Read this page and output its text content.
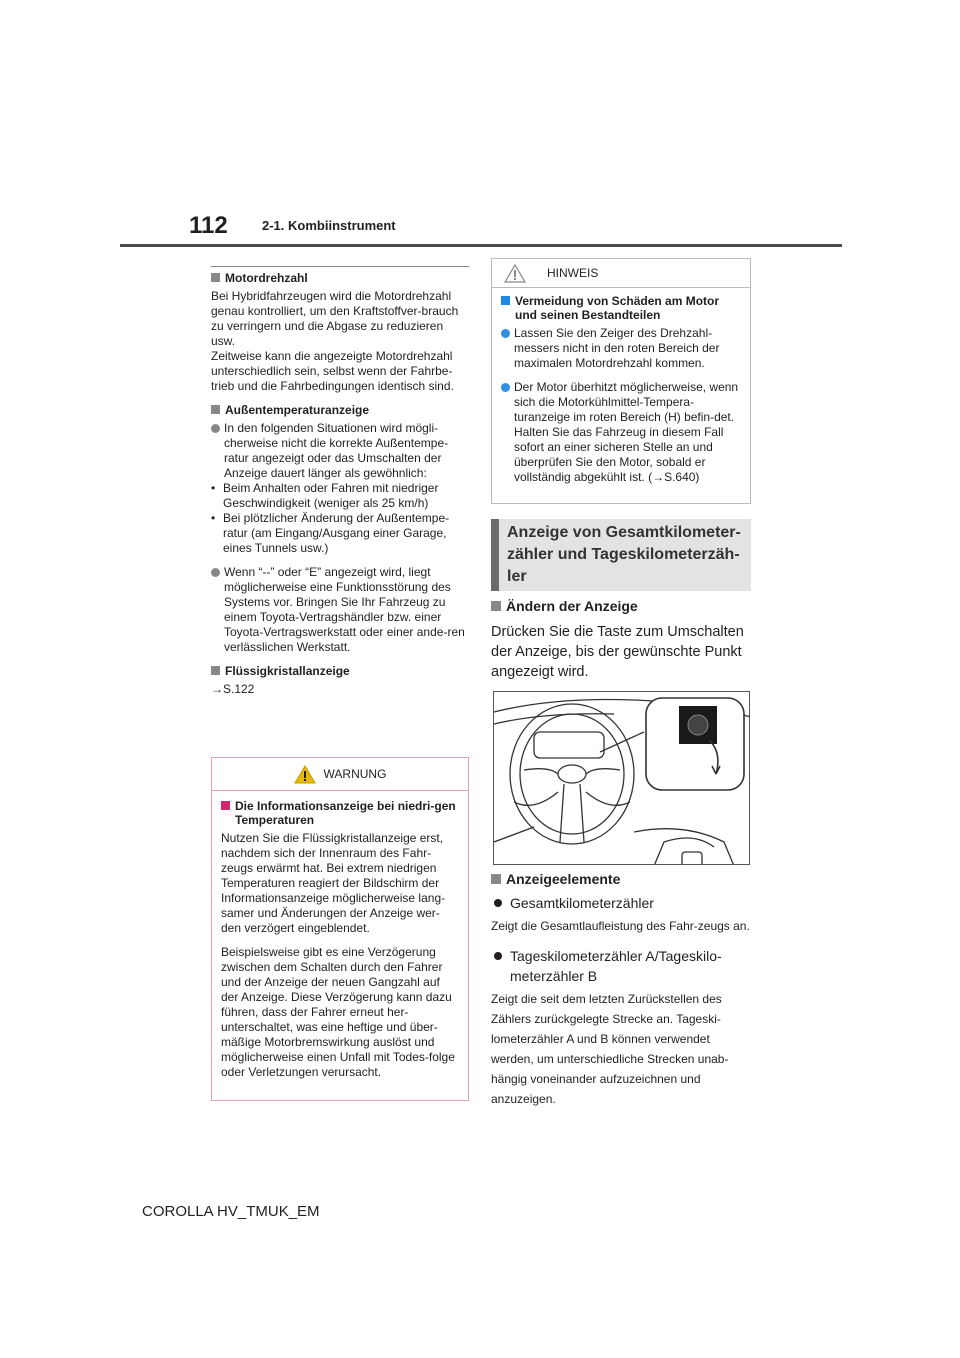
112	2-1. Kombiinstrument
Motordrehzahl

Bei Hybridfahrzeugen wird die Motordrehzahl genau kontrolliert, um den Kraftstoffver-brauch zu verringern und die Abgase zu reduzieren usw.

Zeitweise kann die angezeigte Motordrehzahl unterschiedlich sein, selbst wenn der Fahrbe-trieb und die Fahrbedingungen identisch sind.

Außentemperaturanzeige
In den folgenden Situationen wird mögli-cherweise nicht die korrekte Außentempe-ratur angezeigt oder das Umschalten der Anzeige dauert länger als gewöhnlich:
• Beim Anhalten oder Fahren mit niedriger Geschwindigkeit (weniger als 25 km/h)
• Bei plötzlicher Änderung der Außentempe-ratur (am Eingang/Ausgang einer Garage, eines Tunnels usw.)
Wenn “--” oder “E” angezeigt wird, liegt möglicherweise eine Funktionsstörung des Systems vor. Bringen Sie Ihr Fahrzeug zu einem Toyota-Vertragshändler bzw. einer Toyota-Vertragswerkstatt oder einer ande-ren verlässlichen Werkstatt.
Flüssigkristallanzeige

→S.122

WARNUNG
Die Informationsanzeige bei niedri-gen Temperaturen

Nutzen Sie die Flüssigkristallanzeige erst, nachdem sich der Innenraum des Fahr-zeugs erwärmt hat. Bei extrem niedrigen Temperaturen reagiert der Bildschirm der Informationsanzeige möglicherweise lang-samer und Änderungen der Anzeige wer-den verzögert eingeblendet.

Beispielsweise gibt es eine Verzögerung zwischen dem Schalten durch den Fahrer und der Anzeige der neuen Gangzahl auf der Anzeige. Diese Verzögerung kann dazu führen, dass der Fahrer erneut her-unterschaltet, was eine heftige und über-mäßige Motorbremswirkung auslöst und möglicherweise einen Unfall mit Todes-folge oder Verletzungen verursacht.

HINWEIS
Vermeidung von Schäden am Motor und seinen Bestandteilen
Lassen Sie den Zeiger des Drehzahl-messers nicht in den roten Bereich der maximalen Motordrehzahl kommen.
Der Motor überhitzt möglicherweise, wenn sich die Motorkühlmittel-Tempera-turanzeige im roten Bereich (H) befin-det. Halten Sie das Fahrzeug in diesem Fall sofort an einer sicheren Stelle an und überprüfen Sie den Motor, sobald er vollständig abgekühlt ist. (→S.640)
Anzeige von Gesamtkilometer-zähler und Tageskilometerzäh-ler
Ändern der Anzeige

Drücken Sie die Taste zum Umschalten der Anzeige, bis der gewünschte Punkt angezeigt wird.

Anzeigeelemente
Gesamtkilometerzähler

Zeigt die Gesamtlaufleistung des Fahr-zeugs an.

Tageskilometerzähler A/Tageskilo-meterzähler B

Zeigt die seit dem letzten Zurückstellen des Zählers zurückgelegte Strecke an. Tageski-lometerzähler A und B können verwendet werden, um unterschiedliche Strecken unab-hängig voneinander aufzuzeichnen und anzuzeigen.

COROLLA HV_TMUK_EM
